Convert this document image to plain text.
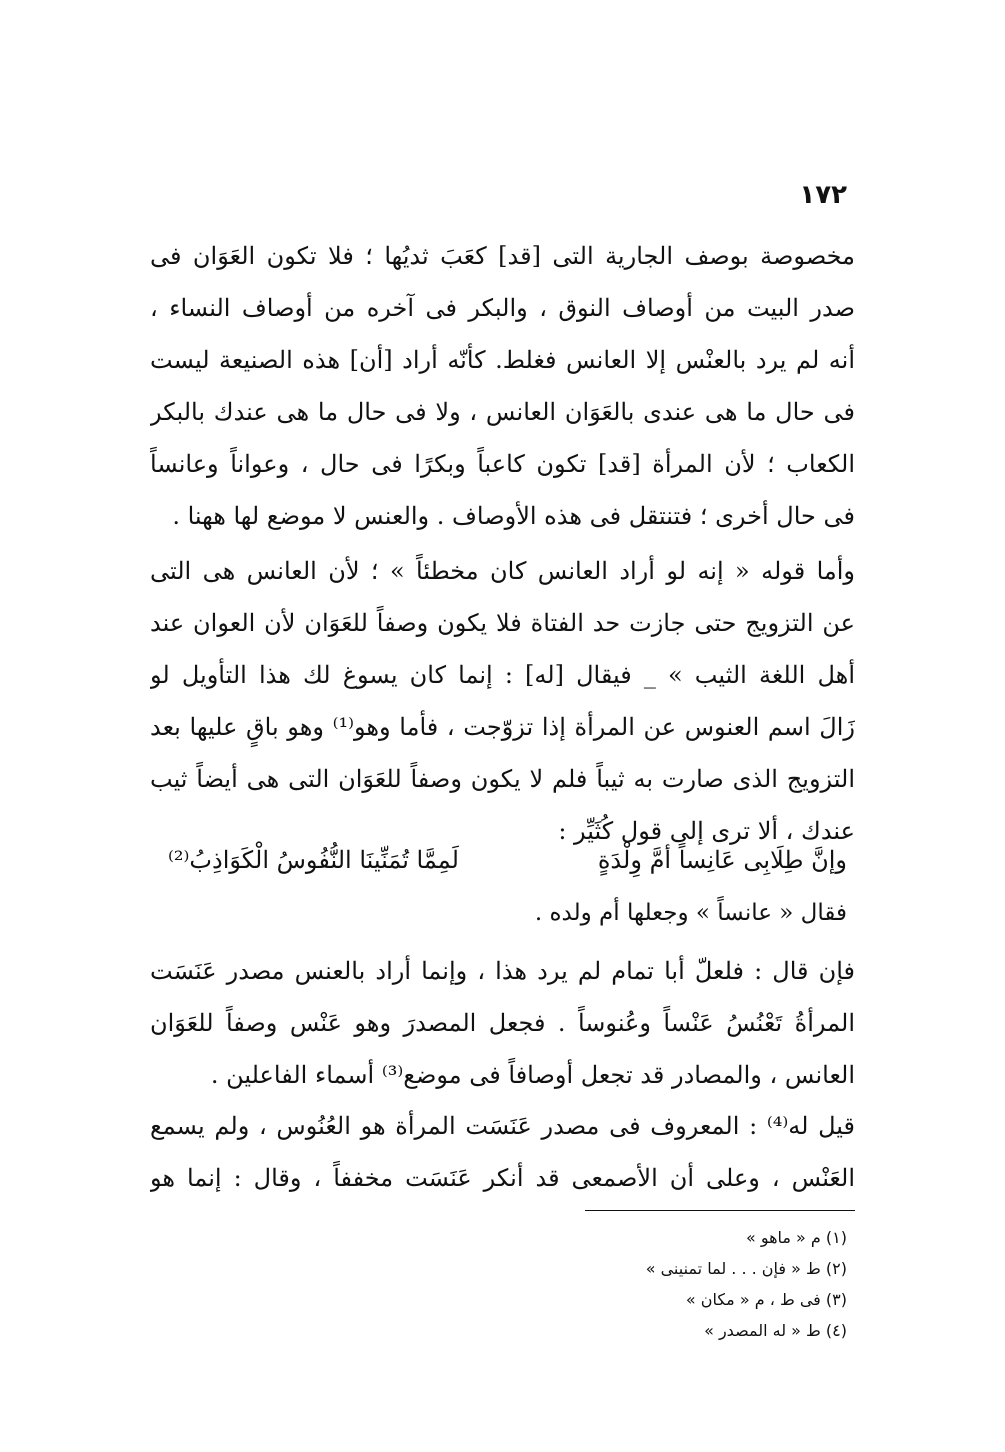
١٧٢
مخصوصة بوصف الجارية التى [قد] كعَبَ ثديُها ؛ فلا تكون العَوَان فى
صدر البيت من أوصاف النوق ، والبكر فى آخره من أوصاف النساء ،
أنه لم يرد بالعنْس إلا العانس فغلط. كأنّه أراد [أن] هذه الصنيعة ليست
فى حال ما هى عندى بالعَوَان العانس ، ولا فى حال ما هى عندك بالبكر
الكعاب ؛ لأن المرأة [قد] تكون كاعباً وبكرًا فى حال ، وعواناً وعانساً
فى حال أخرى ؛ فتنتقل فى هذه الأوصاف . والعنس لا موضع لها ههنا .
وأما قوله « إنه لو أراد العانس كان مخطئاً » ؛ لأن العانس هى التى
عن التزويج حتى جازت حد الفتاة فلا يكون وصفاً للعَوَان لأن العوان عند
أهل اللغة الثيب » _ فيقال [له] : إنما كان يسوغ لك هذا التأويل لو
زَالَ اسم العنوس عن المرأة إذا تزوّجت ، فأما وهو⁽¹⁾ وهو باقٍ عليها بعد
التزويج الذى صارت به ثيباً فلم لا يكون وصفاً للعَوَان التى هى أيضاً ثيب
عندك ، ألا ترى إلى قول كُثَيِّر :
وإنَّ طِلَابِى عَانِساً أمَّ وِلْدَةٍ
لَمِمَّا تُمَنِّينَا النُّفُوسُ الْكَوَاذِبُ⁽²⁾
فقال « عانساً » وجعلها أم ولده .
فإن قال : فلعلّ أبا تمام لم يرد هذا ، وإنما أراد بالعنس مصدر عَنَسَت
المرأةُ تَعْنُسُ عَنْساً وعُنوساً . فجعل المصدرَ وهو عَنْس وصفاً للعَوَان
العانس ، والمصادر قد تجعل أوصافاً فى موضع⁽³⁾ أسماء الفاعلين .
قيل له⁽⁴⁾ : المعروف فى مصدر عَنَسَت المرأة هو العُنُوس ، ولم يسمع
العَنْس ، وعلى أن الأصمعى قد أنكر عَنَسَت مخففاً ، وقال : إنما هو
(١) م « ماهو »
(٢) ط « فإن . . . لما تمنينى »
(٣) فى ط ، م « مكان »
(٤) ط « له المصدر »
